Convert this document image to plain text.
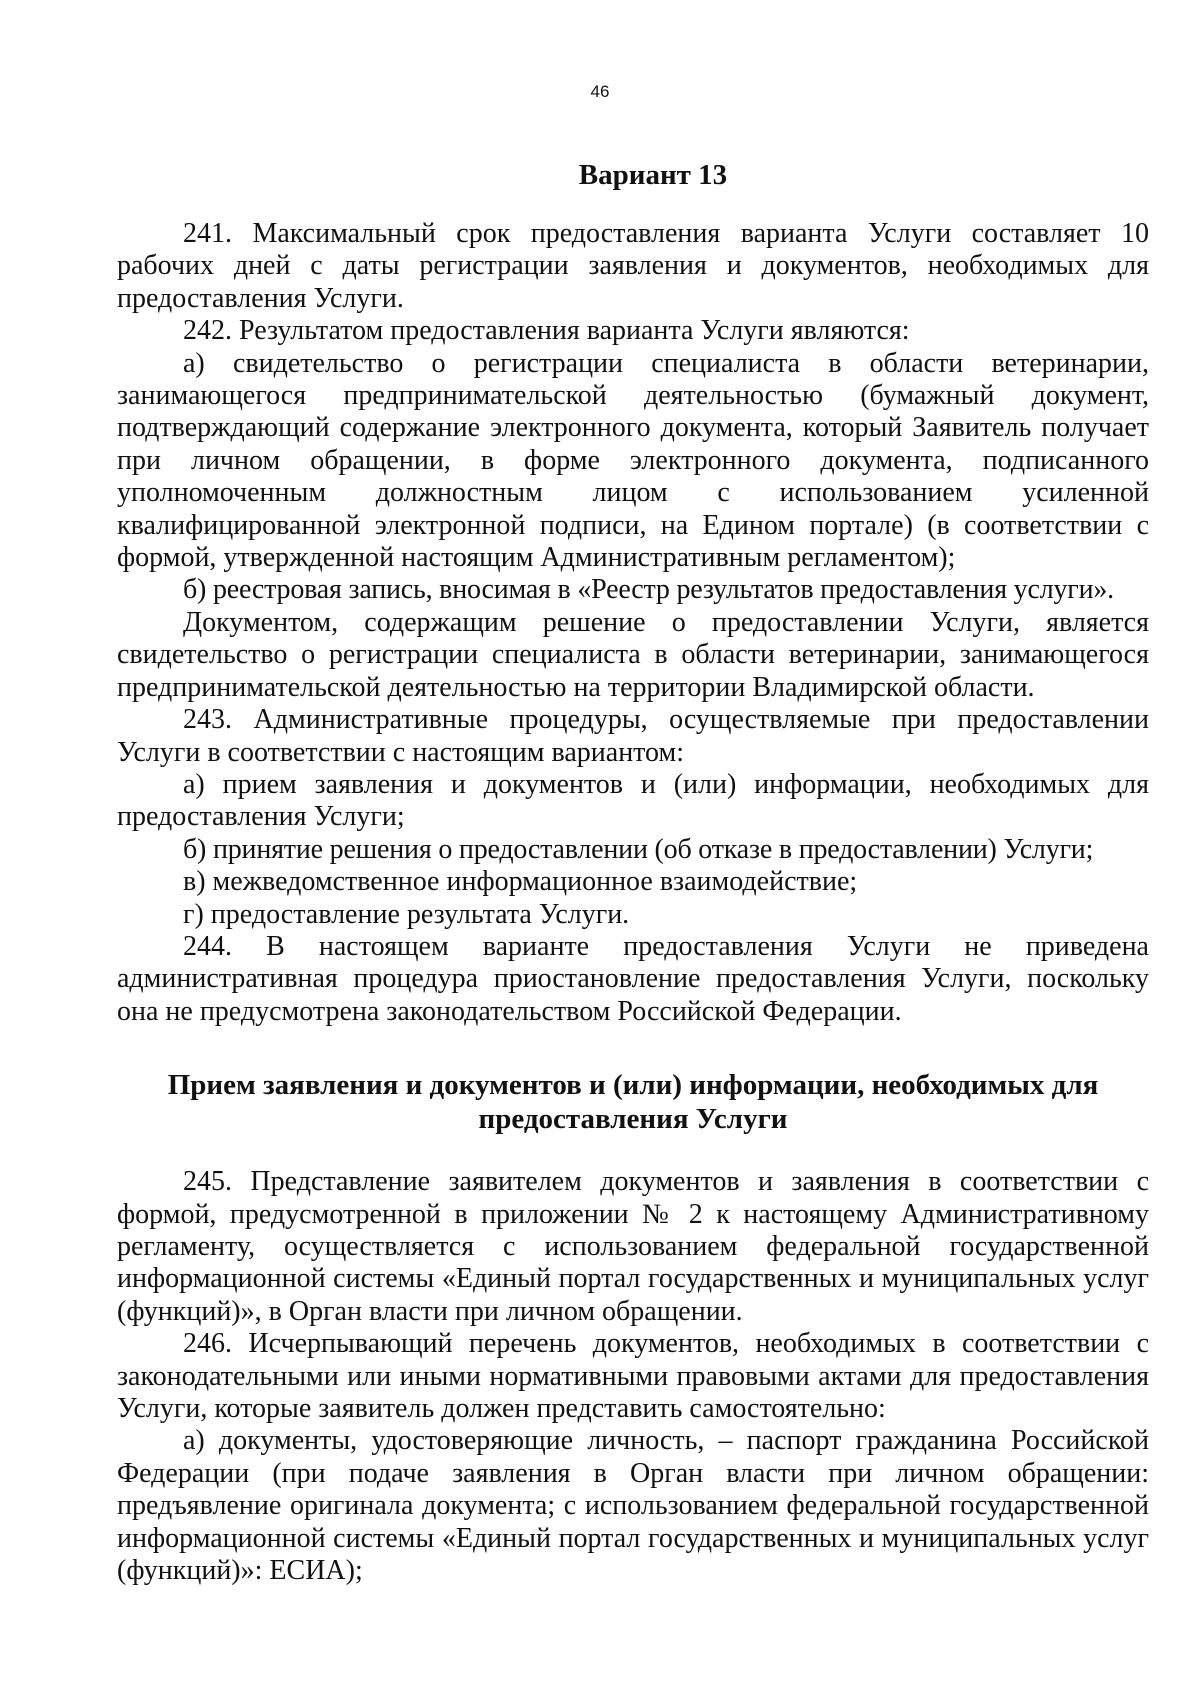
46
Вариант 13

241. Максимальный срок предоставления варианта Услуги составляет 10 рабочих дней с даты регистрации заявления и документов, необходимых для предоставления Услуги.

242. Результатом предоставления варианта Услуги являются:

а) свидетельство о регистрации специалиста в области ветеринарии, занимающегося предпринимательской деятельностью (бумажный документ, подтверждающий содержание электронного документа, который Заявитель получает при личном обращении, в форме электронного документа, подписанного уполномоченным должностным лицом с использованием усиленной квалифицированной электронной подписи, на Едином портале) (в соответствии с формой, утвержденной настоящим Административным регламентом);

б) реестровая запись, вносимая в «Реестр результатов предоставления услуги».

Документом, содержащим решение о предоставлении Услуги, является свидетельство о регистрации специалиста в области ветеринарии, занимающегося предпринимательской деятельностью на территории Владимирской области.

243. Административные процедуры, осуществляемые при предоставлении Услуги в соответствии с настоящим вариантом:

а) прием заявления и документов и (или) информации, необходимых для предоставления Услуги;

б) принятие решения о предоставлении (об отказе в предоставлении) Услуги;

в) межведомственное информационное взаимодействие;

г) предоставление результата Услуги.

244. В настоящем варианте предоставления Услуги не приведена административная процедура приостановление предоставления Услуги, поскольку она не предусмотрена законодательством Российской Федерации.

Прием заявления и документов и (или) информации, необходимых для предоставления Услуги

245. Представление заявителем документов и заявления в соответствии с формой, предусмотренной в приложении № 2 к настоящему Административному регламенту, осуществляется с использованием федеральной государственной информационной системы «Единый портал государственных и муниципальных услуг (функций)», в Орган власти при личном обращении.

246. Исчерпывающий перечень документов, необходимых в соответствии с законодательными или иными нормативными правовыми актами для предоставления Услуги, которые заявитель должен представить самостоятельно:

а) документы, удостоверяющие личность, – паспорт гражданина Российской Федерации (при подаче заявления в Орган власти при личном обращении: предъявление оригинала документа; с использованием федеральной государственной информационной системы «Единый портал государственных и муниципальных услуг (функций)»: ЕСИА);
